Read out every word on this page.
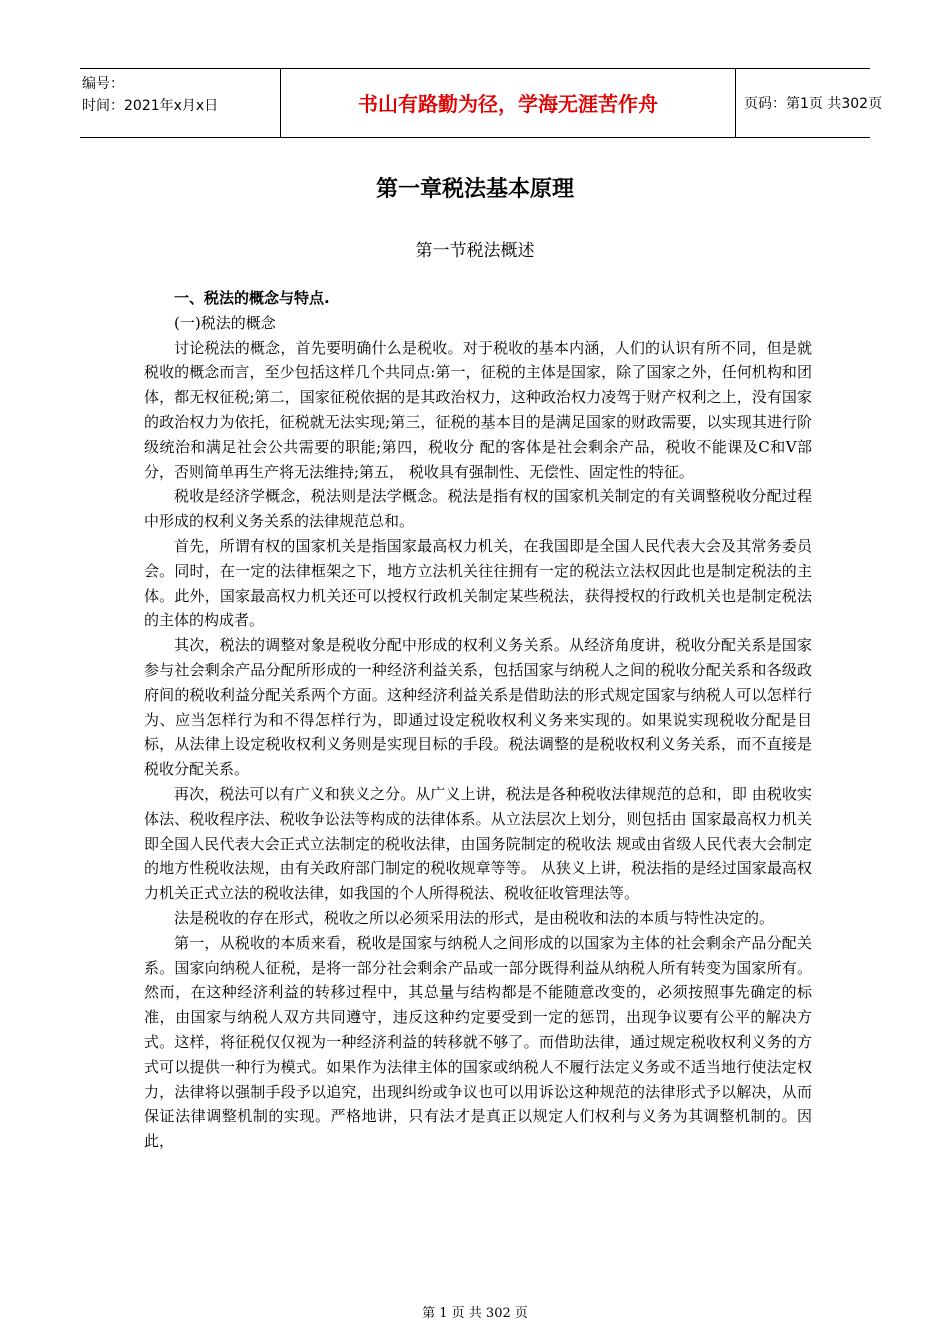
编号：
时间：2021年x月x日	书山有路勤为径，学海无涯苦作舟	页码：第1页 共302页
第一章税法基本原理
第一节税法概述

一、税法的概念与特点.

(一)税法的概念

讨论税法的概念，首先要明确什么是税收。对于税收的基本内涵，人们的认识有所不同，但是就税收的概念而言，至少包括这样几个共同点:第一，征税的主体是国家，除了国家之外，任何机构和团体，都无权征税;第二，国家征税依据的是其政治权力，这种政治权力凌驾于财产权利之上，没有国家的政治权力为依托，征税就无法实现;第三，征税的基本目的是满足国家的财政需要，以实现其进行阶级统治和满足社会公共需要的职能;第四，税收分 配的客体是社会剩余产品，税收不能课及C和V部分，否则简单再生产将无法维持;第五， 税收具有强制性、无偿性、固定性的特征。

税收是经济学概念，税法则是法学概念。税法是指有权的国家机关制定的有关调整税收分配过程中形成的权利义务关系的法律规范总和。

首先，所谓有权的国家机关是指国家最高权力机关，在我国即是全国人民代表大会及其常务委员会。同时，在一定的法律框架之下，地方立法机关往往拥有一定的税法立法权因此也是制定税法的主体。此外，国家最高权力机关还可以授权行政机关制定某些税法，获得授权的行政机关也是制定税法的主体的构成者。

其次，税法的调整对象是税收分配中形成的权利义务关系。从经济角度讲，税收分配关系是国家参与社会剩余产品分配所形成的一种经济利益关系，包括国家与纳税人之间的税收分配关系和各级政府间的税收利益分配关系两个方面。这种经济利益关系是借助法的形式规定国家与纳税人可以怎样行为、应当怎样行为和不得怎样行为，即通过设定税收权利义务来实现的。如果说实现税收分配是目标，从法律上设定税收权利义务则是实现目标的手段。税法调整的是税收权利义务关系，而不直接是税收分配关系。

再次，税法可以有广义和狭义之分。从广义上讲，税法是各种税收法律规范的总和，即 由税收实体法、税收程序法、税收争讼法等构成的法律体系。从立法层次上划分，则包括由 国家最高权力机关即全国人民代表大会正式立法制定的税收法律，由国务院制定的税收法 规或由省级人民代表大会制定的地方性税收法规，由有关政府部门制定的税收规章等等。 从狭义上讲，税法指的是经过国家最高权力机关正式立法的税收法律，如我国的个人所得税法、税收征收管理法等。

法是税收的存在形式，税收之所以必须采用法的形式，是由税收和法的本质与特性决定的。

第一，从税收的本质来看，税收是国家与纳税人之间形成的以国家为主体的社会剩余产品分配关系。国家向纳税人征税，是将一部分社会剩余产品或一部分既得利益从纳税人所有转变为国家所有。然而，在这种经济利益的转移过程中，其总量与结构都是不能随意改变的，必须按照事先确定的标准，由国家与纳税人双方共同遵守，违反这种约定要受到一定的惩罚，出现争议要有公平的解决方式。这样，将征税仅仅视为一种经济利益的转移就不够了。而借助法律，通过规定税收权利义务的方式可以提供一种行为模式。如果作为法律主体的国家或纳税人不履行法定义务或不适当地行使法定权力，法律将以强制手段予以追究，出现纠纷或争议也可以用诉讼这种规范的法律形式予以解决，从而保证法律调整机制的实现。严格地讲，只有法才是真正以规定人们权利与义务为其调整机制的。因此，

第 1 页 共 302 页
